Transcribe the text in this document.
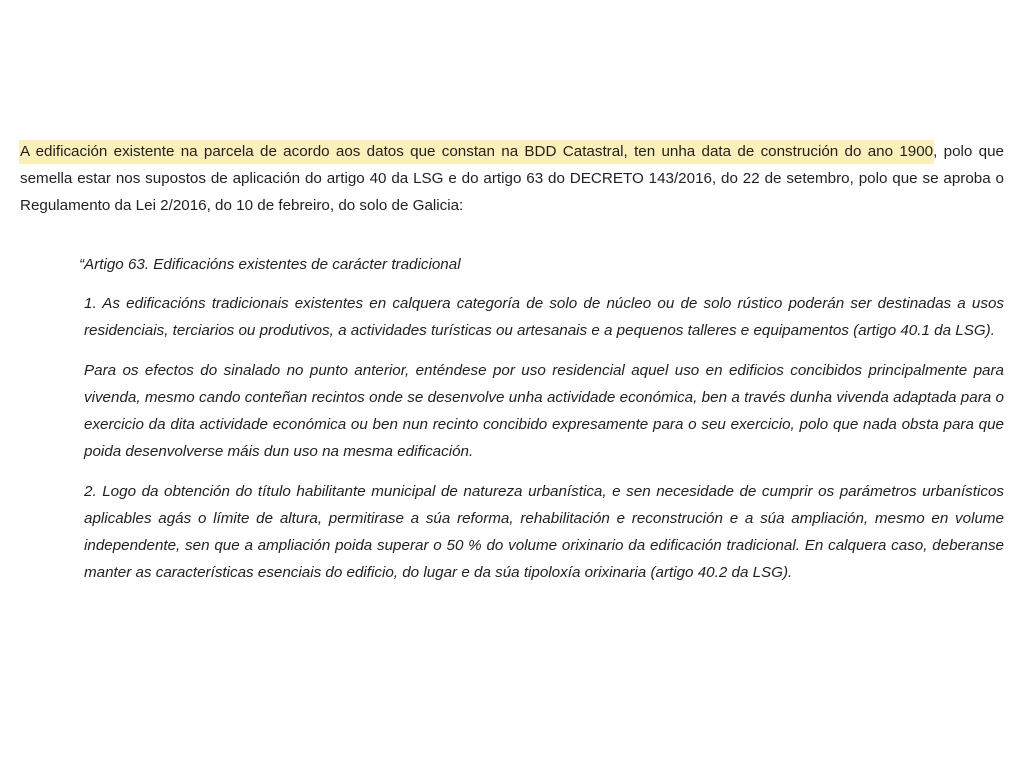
A edificación existente na parcela de acordo aos datos que constan na BDD Catastral, ten unha data de construción do ano 1900, polo que semella estar nos supostos de aplicación do artigo 40 da LSG e do artigo 63 do DECRETO 143/2016, do 22 de setembro, polo que se aproba o Regulamento da Lei 2/2016, do 10 de febreiro, do solo de Galicia:

“Artigo 63. Edificacións existentes de carácter tradicional

1. As edificacións tradicionais existentes en calquera categoría de solo de núcleo ou de solo rústico poderán ser destinadas a usos residenciais, terciarios ou produtivos, a actividades turísticas ou artesanais e a pequenos talleres e equipamentos (artigo 40.1 da LSG).

Para os efectos do sinalado no punto anterior, enténdese por uso residencial aquel uso en edificios concibidos principalmente para vivenda, mesmo cando conteñan recintos onde se desenvolve unha actividade económica, ben a través dunha vivenda adaptada para o exercicio da dita actividade económica ou ben nun recinto concibido expresamente para o seu exercicio, polo que nada obsta para que poida desenvolverse máis dun uso na mesma edificación.

2. Logo da obtención do título habilitante municipal de natureza urbanística, e sen necesidade de cumprir os parámetros urbanísticos aplicables agás o límite de altura, permitirase a súa reforma, rehabilitación e reconstrución e a súa ampliación, mesmo en volume independente, sen que a ampliación poida superar o 50 % do volume orixinario da edificación tradicional. En calquera caso, deberanse manter as características esenciais do edificio, do lugar e da súa tipoloxía orixinaria (artigo 40.2 da LSG).
